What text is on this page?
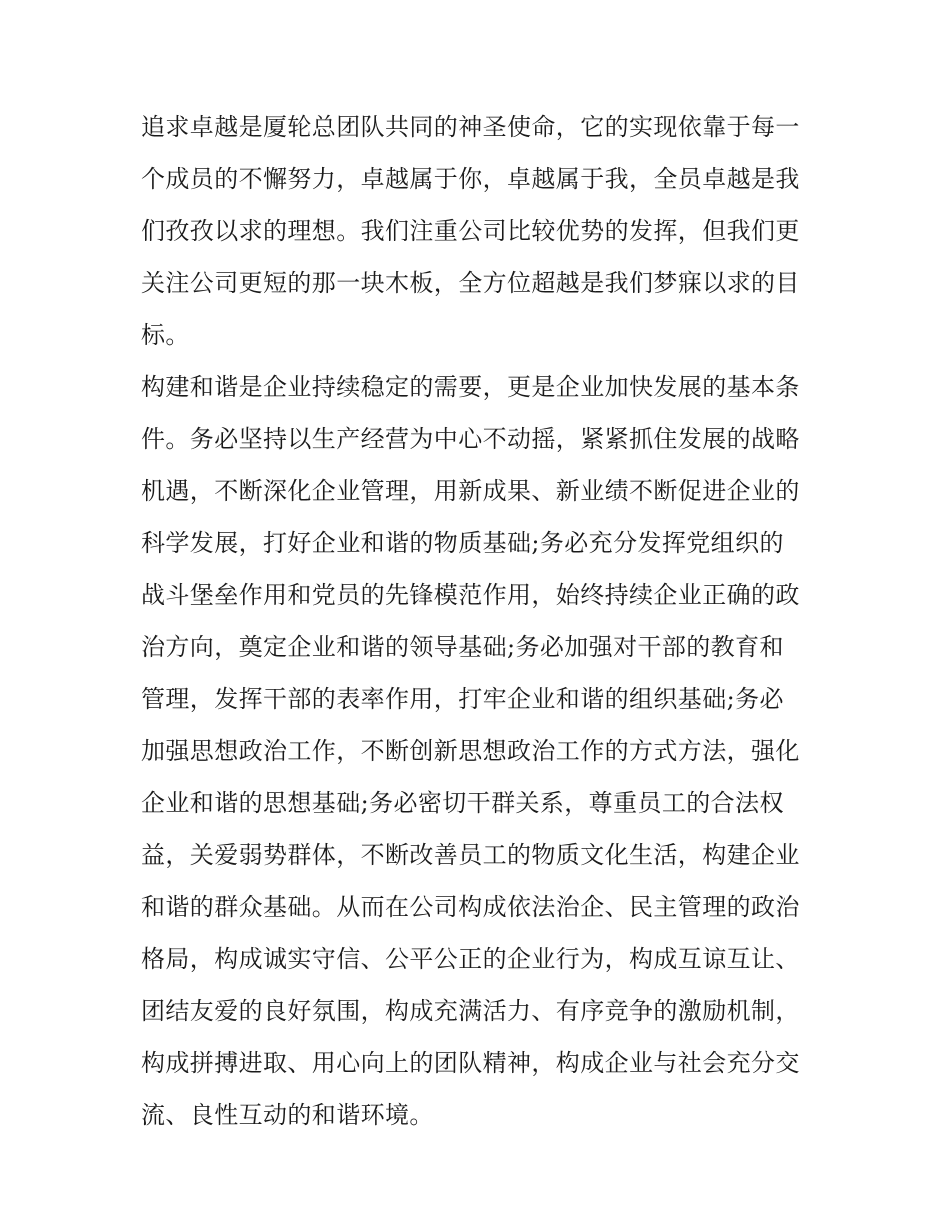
追求卓越是厦轮总团队共同的神圣使命，它的实现依靠于每一
个成员的不懈努力，卓越属于你，卓越属于我，全员卓越是我
们孜孜以求的理想。我们注重公司比较优势的发挥，但我们更
关注公司更短的那一块木板，全方位超越是我们梦寐以求的目
标。
构建和谐是企业持续稳定的需要，更是企业加快发展的基本条
件。务必坚持以生产经营为中心不动摇，紧紧抓住发展的战略
机遇，不断深化企业管理，用新成果、新业绩不断促进企业的
科学发展，打好企业和谐的物质基础;务必充分发挥党组织的
战斗堡垒作用和党员的先锋模范作用，始终持续企业正确的政
治方向，奠定企业和谐的领导基础;务必加强对干部的教育和
管理，发挥干部的表率作用，打牢企业和谐的组织基础;务必
加强思想政治工作，不断创新思想政治工作的方式方法，强化
企业和谐的思想基础;务必密切干群关系，尊重员工的合法权
益，关爱弱势群体，不断改善员工的物质文化生活，构建企业
和谐的群众基础。从而在公司构成依法治企、民主管理的政治
格局，构成诚实守信、公平公正的企业行为，构成互谅互让、
团结友爱的良好氛围，构成充满活力、有序竞争的激励机制，
构成拼搏进取、用心向上的团队精神，构成企业与社会充分交
流、良性互动的和谐环境。
